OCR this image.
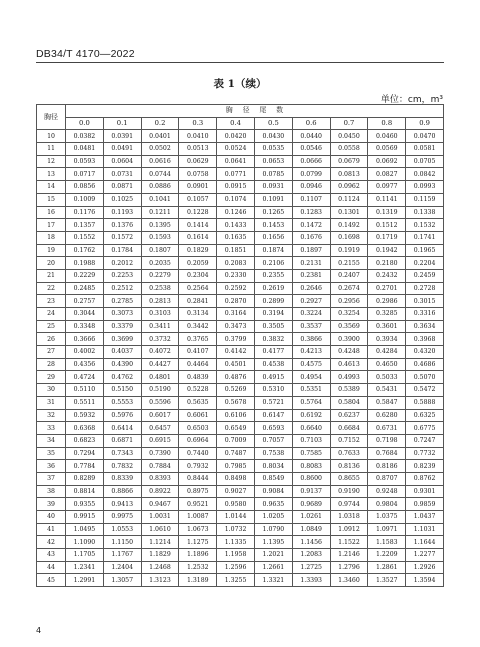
DB34/T 4170—2022
表 1（续）
单位：cm，m³
胸径	胸径尾数									
	0.0	0.1	0.2	0.3	0.4	0.5	0.6	0.7	0.8	0.9
10	0.0382	0.0391	0.0401	0.0410	0.0420	0.0430	0.0440	0.0450	0.0460	0.0470
11	0.0481	0.0491	0.0502	0.0513	0.0524	0.0535	0.0546	0.0558	0.0569	0.0581
12	0.0593	0.0604	0.0616	0.0629	0.0641	0.0653	0.0666	0.0679	0.0692	0.0705
13	0.0717	0.0731	0.0744	0.0758	0.0771	0.0785	0.0799	0.0813	0.0827	0.0842
14	0.0856	0.0871	0.0886	0.0901	0.0915	0.0931	0.0946	0.0962	0.0977	0.0993
15	0.1009	0.1025	0.1041	0.1057	0.1074	0.1091	0.1107	0.1124	0.1141	0.1159
16	0.1176	0.1193	0.1211	0.1228	0.1246	0.1265	0.1283	0.1301	0.1319	0.1338
17	0.1357	0.1376	0.1395	0.1414	0.1433	0.1453	0.1472	0.1492	0.1512	0.1532
18	0.1552	0.1572	0.1593	0.1614	0.1635	0.1656	0.1676	0.1698	0.1719	0.1741
19	0.1762	0.1784	0.1807	0.1829	0.1851	0.1874	0.1897	0.1919	0.1942	0.1965
20	0.1988	0.2012	0.2035	0.2059	0.2083	0.2106	0.2131	0.2155	0.2180	0.2204
21	0.2229	0.2253	0.2279	0.2304	0.2330	0.2355	0.2381	0.2407	0.2432	0.2459
22	0.2485	0.2512	0.2538	0.2564	0.2592	0.2619	0.2646	0.2674	0.2701	0.2728
23	0.2757	0.2785	0.2813	0.2841	0.2870	0.2899	0.2927	0.2956	0.2986	0.3015
24	0.3044	0.3073	0.3103	0.3134	0.3164	0.3194	0.3224	0.3254	0.3285	0.3316
25	0.3348	0.3379	0.3411	0.3442	0.3473	0.3505	0.3537	0.3569	0.3601	0.3634
26	0.3666	0.3699	0.3732	0.3765	0.3799	0.3832	0.3866	0.3900	0.3934	0.3968
27	0.4002	0.4037	0.4072	0.4107	0.4142	0.4177	0.4213	0.4248	0.4284	0.4320
28	0.4356	0.4390	0.4427	0.4464	0.4501	0.4538	0.4575	0.4613	0.4650	0.4686
29	0.4724	0.4762	0.4801	0.4839	0.4876	0.4915	0.4954	0.4993	0.5033	0.5070
30	0.5110	0.5150	0.5190	0.5228	0.5269	0.5310	0.5351	0.5389	0.5431	0.5472
31	0.5511	0.5553	0.5596	0.5635	0.5678	0.5721	0.5764	0.5804	0.5847	0.5888
32	0.5932	0.5976	0.6017	0.6061	0.6106	0.6147	0.6192	0.6237	0.6280	0.6325
33	0.6368	0.6414	0.6457	0.6503	0.6549	0.6593	0.6640	0.6684	0.6731	0.6775
34	0.6823	0.6871	0.6915	0.6964	0.7009	0.7057	0.7103	0.7152	0.7198	0.7247
35	0.7294	0.7343	0.7390	0.7440	0.7487	0.7538	0.7585	0.7633	0.7684	0.7732
36	0.7784	0.7832	0.7884	0.7932	0.7985	0.8034	0.8083	0.8136	0.8186	0.8239
37	0.8289	0.8339	0.8393	0.8444	0.8498	0.8549	0.8600	0.8655	0.8707	0.8762
38	0.8814	0.8866	0.8922	0.8975	0.9027	0.9084	0.9137	0.9190	0.9248	0.9301
39	0.9355	0.9413	0.9467	0.9521	0.9580	0.9635	0.9689	0.9744	0.9804	0.9859
40	0.9915	0.9975	1.0031	1.0087	1.0144	1.0205	1.0261	1.0318	1.0375	1.0437
41	1.0495	1.0553	1.0610	1.0673	1.0732	1.0790	1.0849	1.0912	1.0971	1.1031
42	1.1090	1.1150	1.1214	1.1275	1.1335	1.1395	1.1456	1.1522	1.1583	1.1644
43	1.1705	1.1767	1.1829	1.1896	1.1958	1.2021	1.2083	1.2146	1.2209	1.2277
44	1.2341	1.2404	1.2468	1.2532	1.2596	1.2661	1.2725	1.2796	1.2861	1.2926
45	1.2991	1.3057	1.3123	1.3189	1.3255	1.3321	1.3393	1.3460	1.3527	1.3594
4
